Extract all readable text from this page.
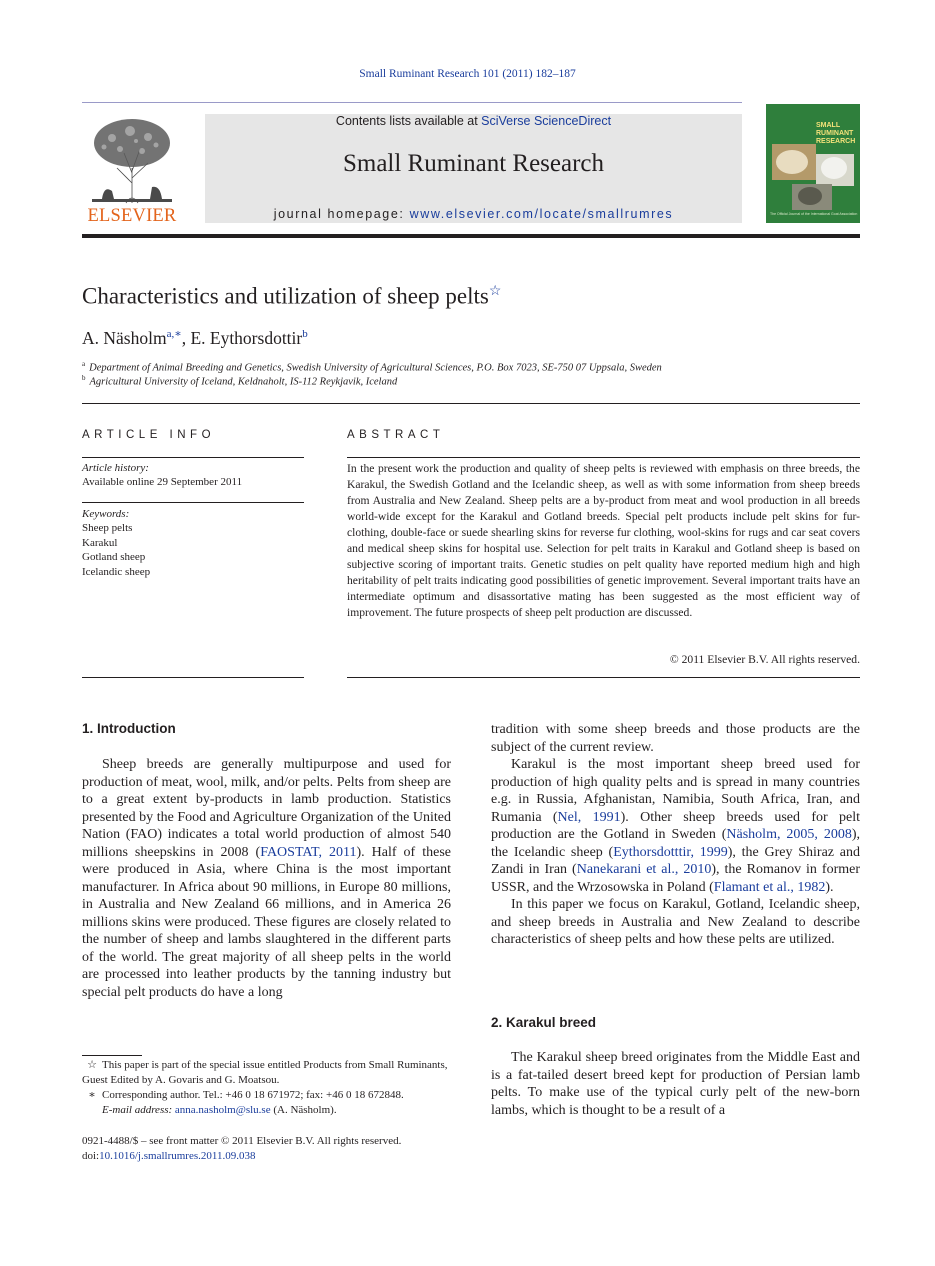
Small Ruminant Research 101 (2011) 182–187
ELSEVIER
Contents lists available at SciVerse ScienceDirect
Small Ruminant Research
journal homepage: www.elsevier.com/locate/smallrumres
SMALL RUMINANT RESEARCH
The Official Journal of the International Goat Association
Characteristics and utilization of sheep pelts☆
A. Näsholm$^{a,∗}$, E. Eythorsdottir$^b$
$^a$ Department of Animal Breeding and Genetics, Swedish University of Agricultural Sciences, P.O. Box 7023, SE-750 07 Uppsala, Sweden
$^b$ Agricultural University of Iceland, Keldnaholt, IS-112 Reykjavik, Iceland
ARTICLE INFO
Article history:
Available online 29 September 2011
Keywords:
Sheep pelts
Karakul
Gotland sheep
Icelandic sheep
ABSTRACT
In the present work the production and quality of sheep pelts is reviewed with emphasis on three breeds, the Karakul, the Swedish Gotland and the Icelandic sheep, as well as with some information from sheep breeds from Australia and New Zealand. Sheep pelts are a by-product from meat and wool production in all breeds world-wide except for the Karakul and Gotland breeds. Special pelt products include pelt skins for fur-clothing, double-face or suede shearling skins for reverse fur clothing, wool-skins for rugs and car seat covers and medical sheep skins for hospital use. Selection for pelt traits in Karakul and Gotland sheep is based on subjective scoring of important traits. Genetic studies on pelt quality have reported medium high and high heritability of pelt traits indicating good possibilities of genetic improvement. Several important traits have an intermediate optimum and disassortative mating has been suggested as the most efficient way of improvement. The future prospects of sheep pelt production are discussed.
© 2011 Elsevier B.V. All rights reserved.
1. Introduction

Sheep breeds are generally multipurpose and used for production of meat, wool, milk, and/or pelts. Pelts from sheep are to a great extent by-products in lamb production. Statistics presented by the Food and Agriculture Organization of the United Nation (FAO) indicates a total world production of almost 540 millions sheepskins in 2008 (FAOSTAT, 2011). Half of these were produced in Asia, where China is the most important manufacturer. In Africa about 90 millions, in Europe 80 millions, in Australia and New Zealand 66 millions, and in America 26 millions skins were produced. These figures are closely related to the number of sheep and lambs slaughtered in the different parts of the world. The great majority of all sheep pelts in the world are processed into leather products by the tanning industry but special pelt products do have a long

tradition with some sheep breeds and those products are the subject of the current review.

Karakul is the most important sheep breed used for production of high quality pelts and is spread in many countries e.g. in Russia, Afghanistan, Namibia, South Africa, Iran, and Rumania (Nel, 1991). Other sheep breeds used for pelt production are the Gotland in Sweden (Näsholm, 2005, 2008), the Icelandic sheep (Eythorsdotttir, 1999), the Grey Shiraz and Zandi in Iran (Nanekarani et al., 2010), the Romanov in former USSR, and the Wrzosowska in Poland (Flamant et al., 1982).

In this paper we focus on Karakul, Gotland, Icelandic sheep, and sheep breeds in Australia and New Zealand to describe characteristics of sheep pelts and how these pelts are utilized.

2. Karakul breed

The Karakul sheep breed originates from the Middle East and is a fat-tailed desert breed kept for production of Persian lamb pelts. To make use of the typical curly pelt of the new-born lambs, which is thought to be a result of a

☆ This paper is part of the special issue entitled Products from Small Ruminants, Guest Edited by A. Govaris and G. Moatsou.
∗ Corresponding author. Tel.: +46 0 18 671972; fax: +46 0 18 672848.
E-mail address: anna.nasholm@slu.se (A. Näsholm).
0921-4488/$ – see front matter © 2011 Elsevier B.V. All rights reserved.
doi:10.1016/j.smallrumres.2011.09.038
